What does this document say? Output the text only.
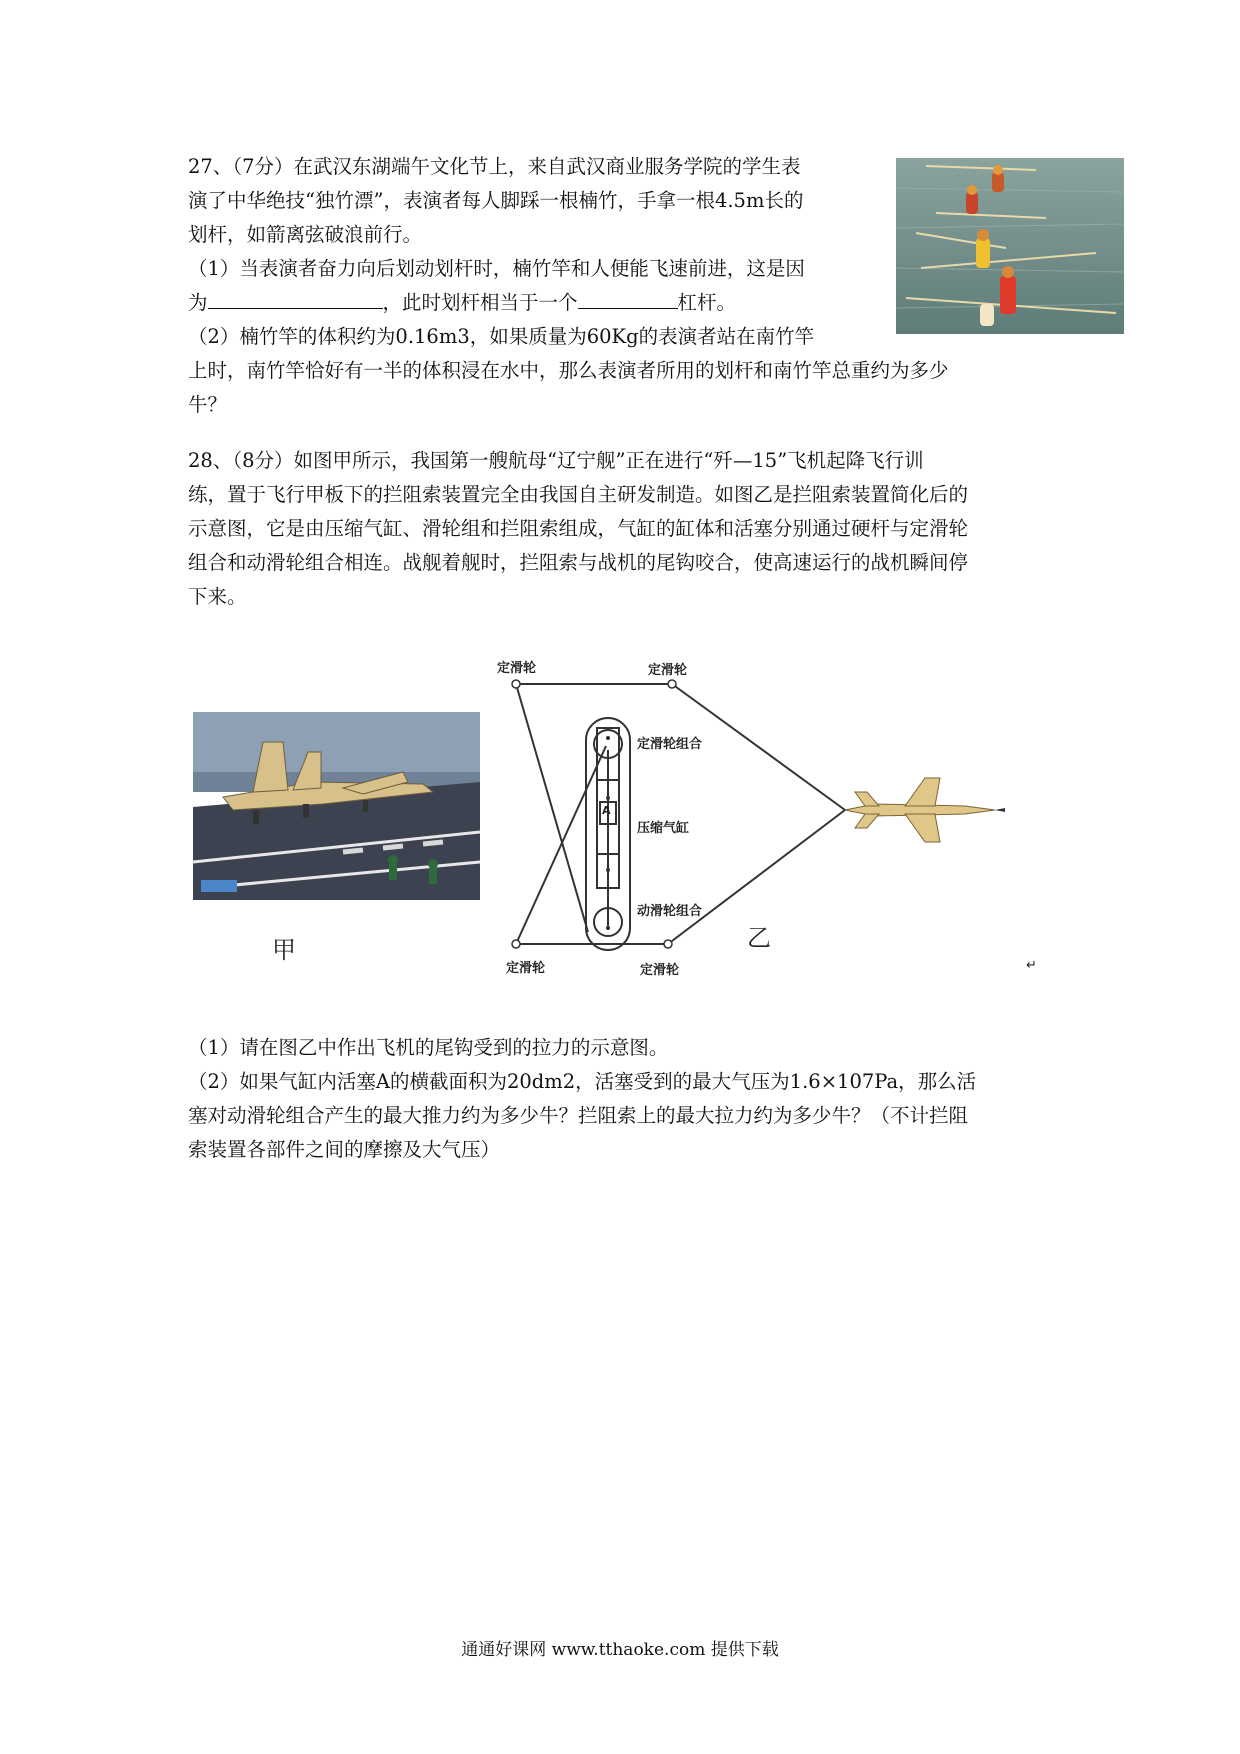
27、（7分）在武汉东湖端午文化节上，来自武汉商业服务学院的学生表

演了中华绝技“独竹漂”，表演者每人脚踩一根楠竹，手拿一根4.5m长的

划杆，如箭离弦破浪前行。

（1）当表演者奋力向后划动划杆时，楠竹竿和人便能飞速前进，这是因

为	，此时划杆相当于一个	杠杆。

（2）楠竹竿的体积约为0.16m3，如果质量为60Kg的表演者站在南竹竿

上时，南竹竿恰好有一半的体积浸在水中，那么表演者所用的划杆和南竹竿总重约为多少

牛？

28、（8分）如图甲所示，我国第一艘航母“辽宁舰”正在进行“歼—15”飞机起降飞行训

练，置于飞行甲板下的拦阻索装置完全由我国自主研发制造。如图乙是拦阻索装置简化后的

示意图，它是由压缩气缸、滑轮组和拦阻索组成，气缸的缸体和活塞分别通过硬杆与定滑轮

组合和动滑轮组合相连。战舰着舰时，拦阻索与战机的尾钩咬合，使高速运行的战机瞬间停

下来。

甲
定滑轮	定滑轮
定滑轮组合
压缩气缸
A
动滑轮组合
定滑轮	定滑轮
乙
↵

（1）请在图乙中作出飞机的尾钩受到的拉力的示意图。

（2）如果气缸内活塞A的横截面积为20dm2，活塞受到的最大气压为1.6×107Pa，那么活

塞对动滑轮组合产生的最大推力约为多少牛？拦阻索上的最大拉力约为多少牛？（不计拦阻

索装置各部件之间的摩擦及大气压）

通通好课网 www.tthaoke.com 提供下载
